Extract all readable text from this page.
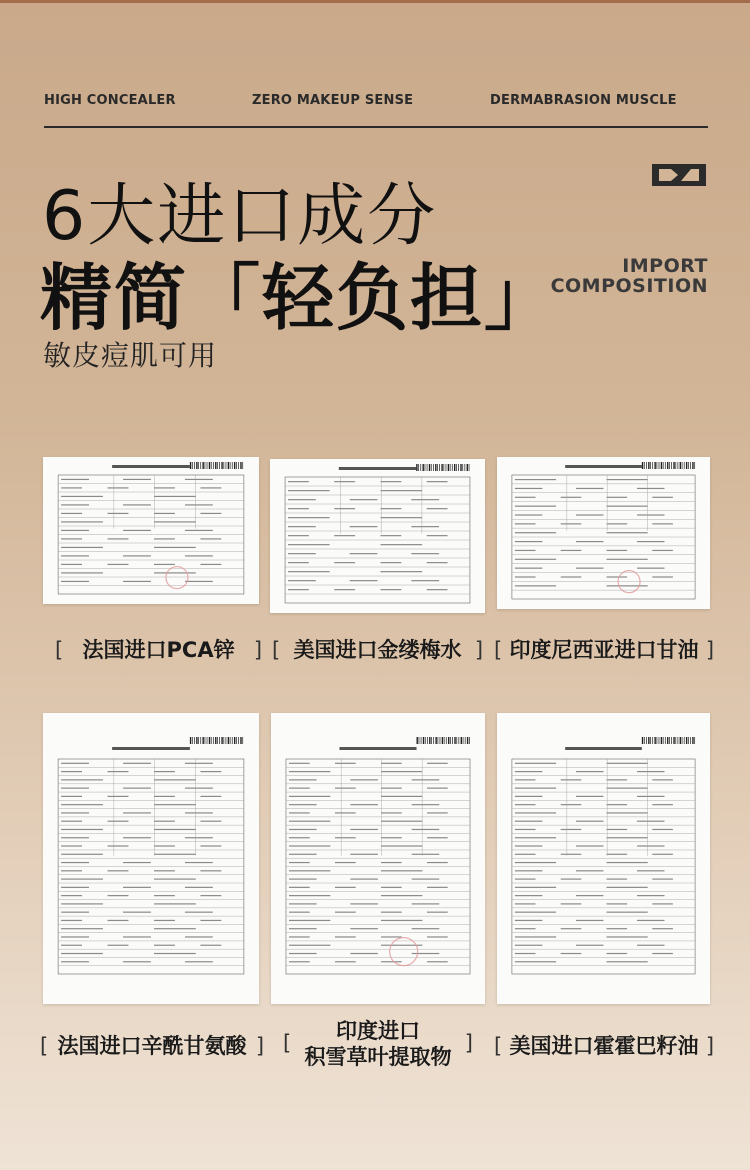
HIGH CONCEALER	ZERO MAKEUP SENSE	DERMABRASION MUSCLE
6大进口成分
精简「轻负担」
敏皮痘肌可用
IMPORT
COMPOSITION
[ 法国进口PCA锌 ] [ 美国进口金缕梅水 ] [ 印度尼西亚进口甘油 ]
[ 法国进口辛酰甘氨酸 ] [	印度进口
积雪草叶提取物
] [ 美国进口霍霍巴籽油 ]
